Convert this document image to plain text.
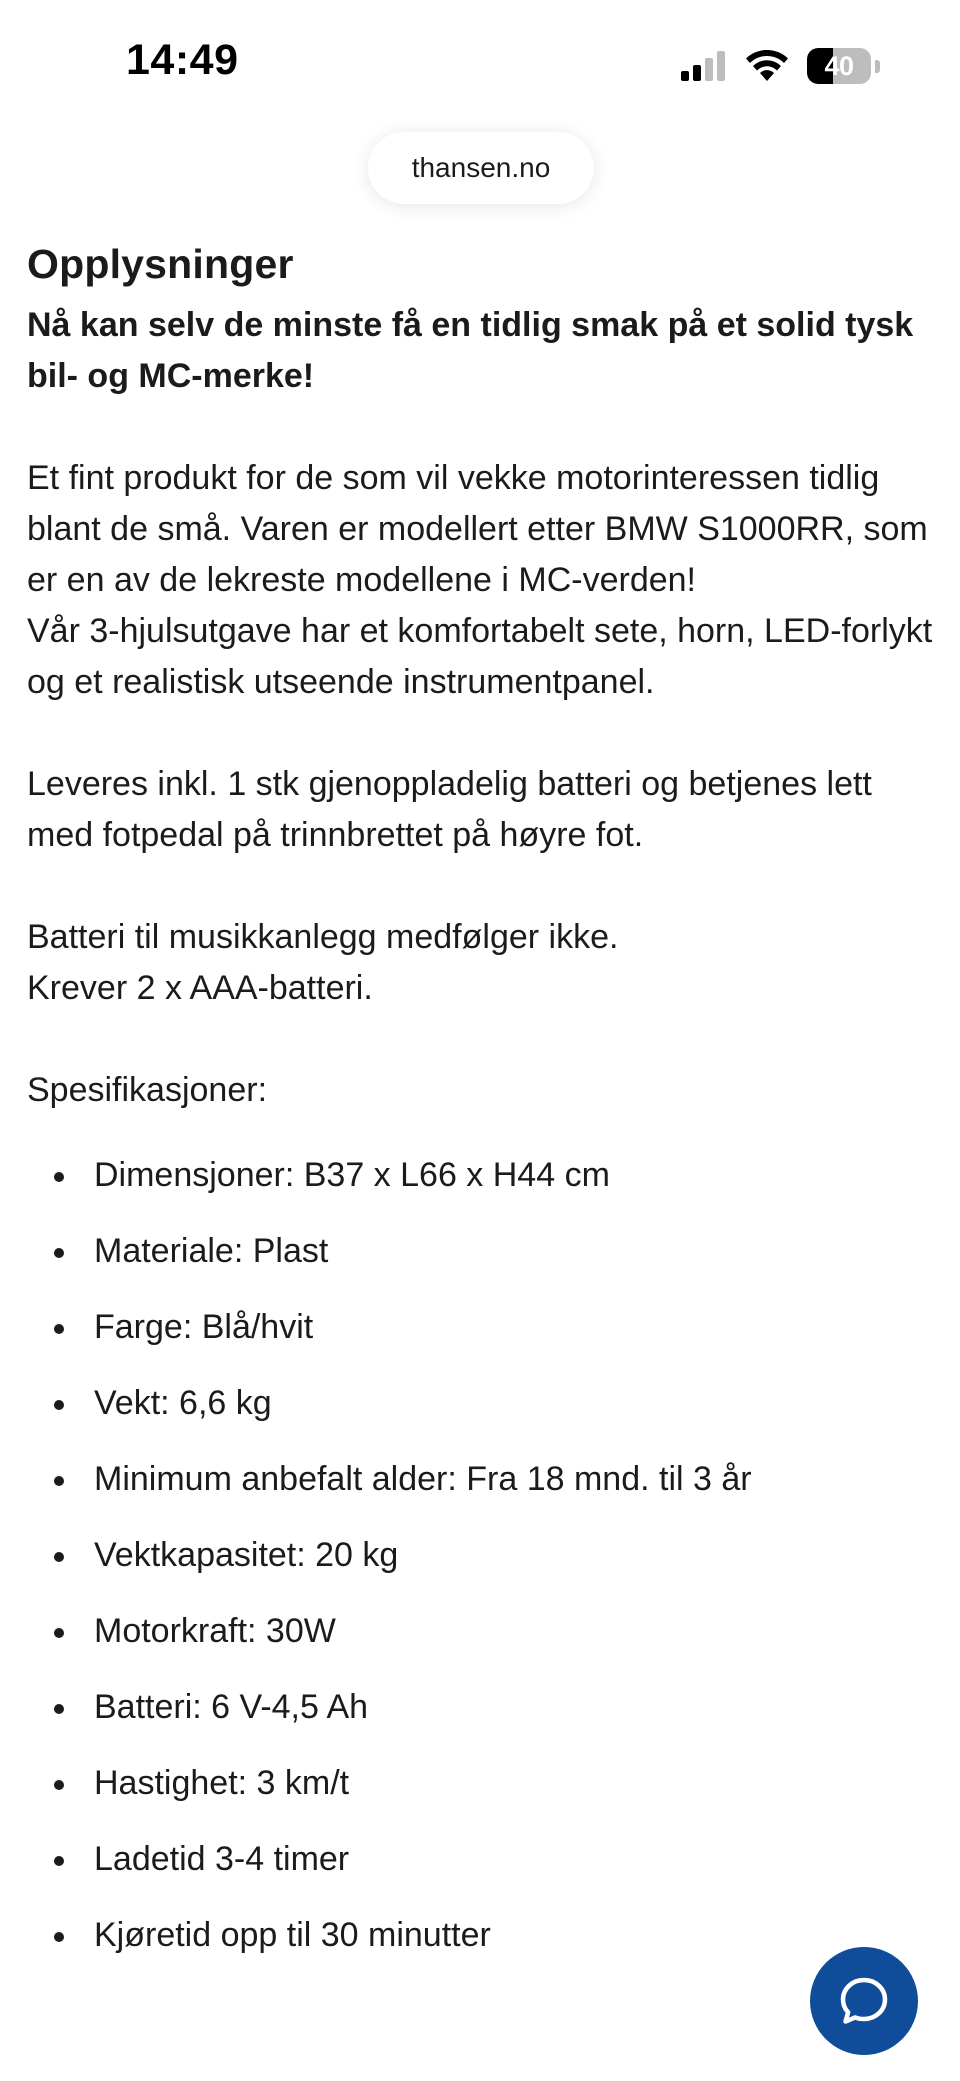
14:49	40
thansen.no
Opplysninger

Nå kan selv de minste få en tidlig smak på et solid tysk bil- og MC-merke!

Et fint produkt for de som vil vekke motorinteressen tidlig blant de små. Varen er modellert etter BMW S1000RR, som er en av de lekreste modellene i MC-verden!

Vår 3-hjulsutgave har et komfortabelt sete, horn, LED-forlykt og et realistisk utseende instrumentpanel.

Leveres inkl. 1 stk gjenoppladelig batteri og betjenes lett med fotpedal på trinnbrettet på høyre fot.

Batteri til musikkanlegg medfølger ikke.

Krever 2 x AAA-batteri.

Spesifikasjoner:

Dimensjoner: B37 x L66 x H44 cm
Materiale: Plast
Farge: Blå/hvit
Vekt: 6,6 kg
Minimum anbefalt alder: Fra 18 mnd. til 3 år
Vektkapasitet: 20 kg
Motorkraft: 30W
Batteri: 6 V-4,5 Ah
Hastighet: 3 km/t
Ladetid 3-4 timer
Kjøretid opp til 30 minutter
